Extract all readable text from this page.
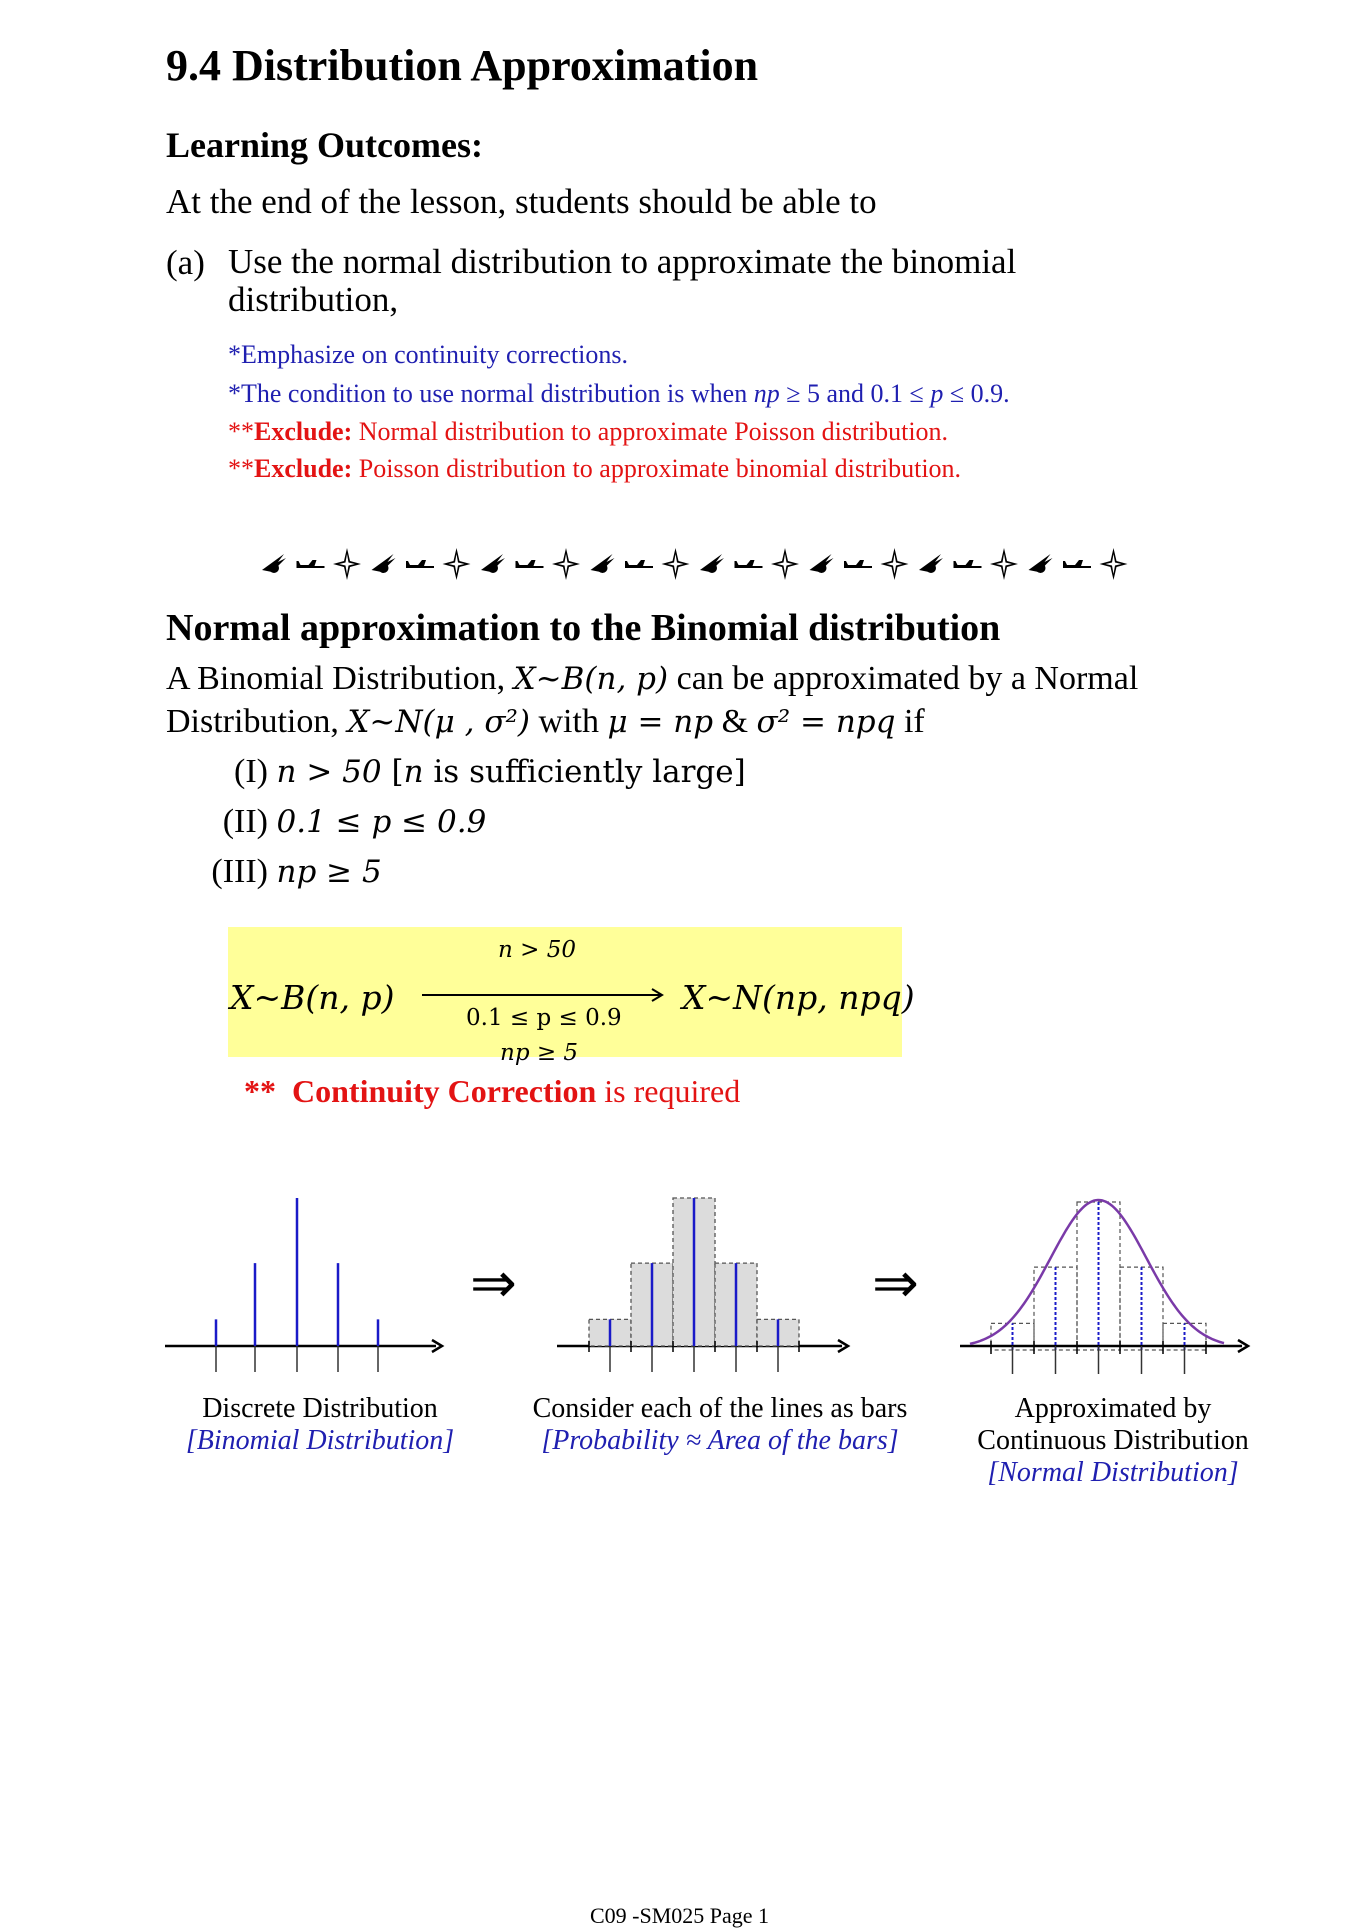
9.4 Distribution Approximation
Learning Outcomes:
At the end of the lesson, students should be able to
(a) Use the normal distribution to approximate the binomial distribution,
*Emphasize on continuity corrections.
*The condition to use normal distribution is when np ≥ 5 and 0.1 ≤ p ≤ 0.9.
**Exclude: Normal distribution to approximate Poisson distribution.
**Exclude: Poisson distribution to approximate binomial distribution.
Normal approximation to the Binomial distribution
A Binomial Distribution, X~B(n, p) can be approximated by a Normal
Distribution, X~N(μ , σ²) with μ = np & σ² = npq if
(I) n > 50 [n is sufficiently large]
(II) 0.1 ≤ p ≤ 0.9
(III) np ≥ 5
X~B(n, p)
n > 50
0.1 ≤ p ≤ 0.9
np ≥ 5
X~N(np, npq)
** Continuity Correction is required
⇒	⇒
Discrete Distribution
[Binomial Distribution]
Consider each of the lines as bars
[Probability ≈ Area of the bars]
Approximated by
Continuous Distribution
[Normal Distribution]
C09 -SM025 Page 1
